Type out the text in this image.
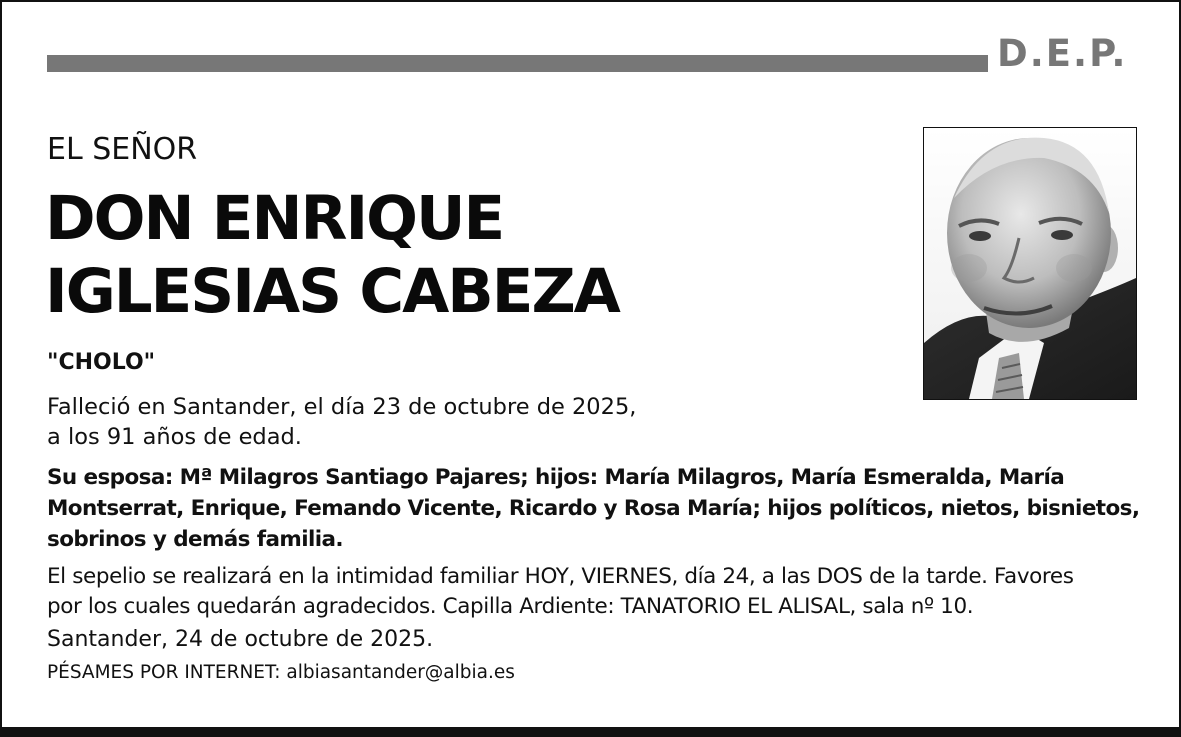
D.E.P.
EL SEÑOR
DON ENRIQUE
IGLESIAS CABEZA
"CHOLO"
Falleció en Santander, el día 23 de octubre de 2025,
a los 91 años de edad.
Su esposa: Mª Milagros Santiago Pajares; hijos: María Milagros, María Esmeralda, María
Montserrat, Enrique, Femando Vicente, Ricardo y Rosa María; hijos políticos, nietos, bisnietos,
sobrinos y demás familia.
El sepelio se realizará en la intimidad familiar HOY, VIERNES, día 24, a las DOS de la tarde. Favores
por los cuales quedarán agradecidos. Capilla Ardiente: TANATORIO EL ALISAL, sala nº 10.
Santander, 24 de octubre de 2025.
PÉSAMES POR INTERNET: albiasantander@albia.es
